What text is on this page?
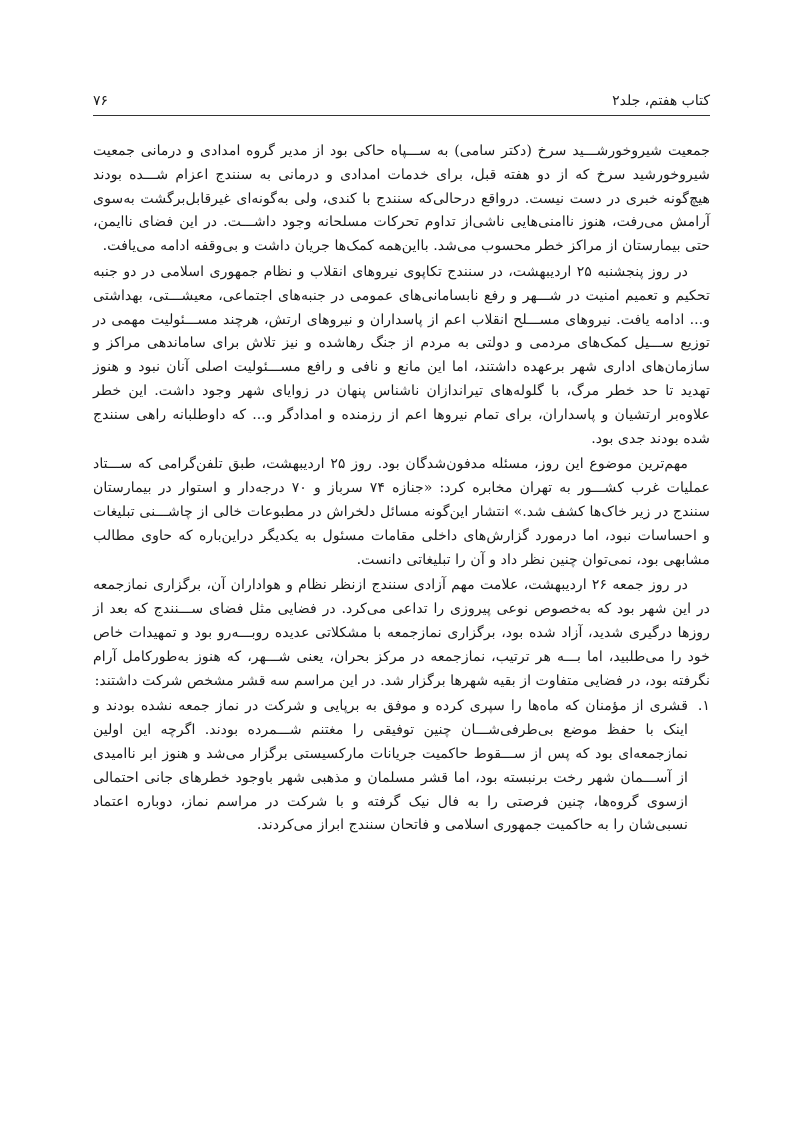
کتاب هفتم، جلد۲
۷۶

جمعیت شیروخورشـــید سرخ (دکتر سامی) به ســـپاه حاکی بود از مدیر گروه امدادی و درمانی جمعیت شیروخورشید سرخ که از دو هفته قبل، برای خدمات امدادی و درمانی به سنندج اعزام شـــده بودند هیچ‌گونه خبری در دست نیست. درواقع درحالی‌که سنندج با کندی، ولی به‌گونه‌ای غیرقابل‌برگشت به‌سوی آرامش می‌رفت، هنوز ناامنی‌هایی ناشی‌از تداوم تحرکات مسلحانه وجود داشـــت. در این فضای ناایمن، حتی بیمارستان از مراکز خطر محسوب می‌شد. بااین‌همه کمک‌ها جریان داشت و بی‌وقفه ادامه می‌یافت.

در روز پنجشنبه ۲۵ اردیبهشت، در سنندج تکاپوی نیروهای انقلاب و نظام جمهوری اسلامی در دو جنبه تحکیم و تعمیم امنیت در شـــهر و رفع نابسامانی‌های عمومی در جنبه‌های اجتماعی، معیشـــتی، بهداشتی و... ادامه یافت. نیروهای مســـلح انقلاب اعم از پاسداران و نیروهای ارتش، هرچند مســـئولیت مهمی در توزیع ســـیل کمک‌های مردمی و دولتی به مردم از جنگ رهاشده و نیز تلاش برای ساماندهی مراکز و سازمان‌های اداری شهر برعهده داشتند، اما این مانع و نافی و رافع مســـئولیت اصلی آنان نبود و هنوز تهدید تا حد خطر مرگ، با گلوله‌های تیراندازان ناشناس پنهان در زوایای شهر وجود داشت. این خطر علاوه‌بر ارتشیان و پاسداران، برای تمام نیروها اعم از رزمنده و امدادگر و... که داوطلبانه راهی سنندج شده بودند جدی بود.

مهم‌ترین موضوع این روز، مسئله مدفون‌شدگان بود. روز ۲۵ اردیبهشت، طبق تلفن‌گرامی که ســـتاد عملیات غرب کشـــور به تهران مخابره کرد: «جنازه ۷۴ سرباز و ۷۰ درجه‌دار و استوار در بیمارستان سنندج در زیر خاک‌ها کشف شد.» انتشار این‌گونه مسائل دلخراش در مطبوعات خالی از چاشـــنی تبلیغات و احساسات نبود، اما درمورد گزارش‌های داخلی مقامات مسئول به یکدیگر دراین‌باره که حاوی مطالب مشابهی بود، نمی‌توان چنین نظر داد و آن را تبلیغاتی دانست.

در روز جمعه ۲۶ اردیبهشت، علامت مهم آزادی سنندج ازنظر نظام و هواداران آن، برگزاری نمازجمعه در این شهر بود که به‌خصوص نوعی پیروزی را تداعی می‌کرد. در فضایی مثل فضای ســـنندج که بعد از روزها درگیری شدید، آزاد شده بود، برگزاری نمازجمعه با مشکلاتی عدیده روبـــه‌رو بود و تمهیدات خاص خود را می‌طلبید، اما بـــه هر ترتیب، نمازجمعه در مرکز بحران، یعنی شـــهر، که هنوز به‌طورکامل آرام نگرفته بود، در فضایی متفاوت از بقیه شهرها برگزار شد. در این مراسم سه قشر مشخص شرکت داشتند:

۱.
قشری از مؤمنان که ماه‌ها را سپری کرده و موفق به برپایی و شرکت در نماز جمعه نشده بودند و اینک با حفظ موضع بی‌طرفی‌شـــان چنین توفیقی را مغتنم شـــمرده بودند. اگرچه این اولین نمازجمعه‌ای بود که پس از ســـقوط حاکمیت جریانات مارکسیستی برگزار می‌شد و هنوز ابر ناامیدی از آســـمان شهر رخت برنبسته بود، اما قشر مسلمان و مذهبی شهر باوجود خطرهای جانی احتمالی ازسوی گروه‌ها، چنین فرصتی را به فال نیک گرفته و با شرکت در مراسم نماز، دوباره اعتماد نسبی‌شان را به حاکمیت جمهوری اسلامی و فاتحان سنندج ابراز می‌کردند.
